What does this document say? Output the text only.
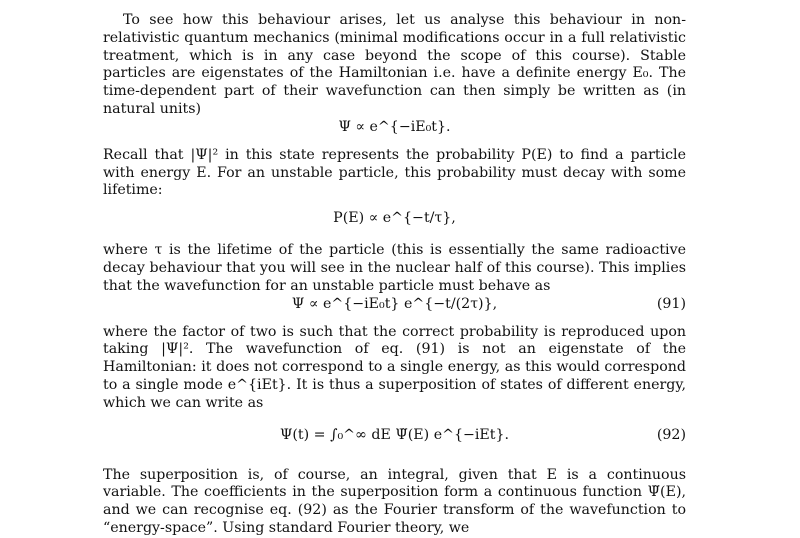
To see how this behaviour arises, let us analyse this behaviour in non-relativistic quantum mechanics (minimal modifications occur in a full relativistic treatment, which is in any case beyond the scope of this course). Stable particles are eigenstates of the Hamiltonian i.e. have a definite energy E₀. The time-dependent part of their wavefunction can then simply be written as (in natural units)

Ψ ∝ e^{−iE₀t}.

Recall that |Ψ|² in this state represents the probability P(E) to find a particle with energy E. For an unstable particle, this probability must decay with some lifetime:

P(E) ∝ e^{−t/τ},

where τ is the lifetime of the particle (this is essentially the same radioactive decay behaviour that you will see in the nuclear half of this course). This implies that the wavefunction for an unstable particle must behave as

Ψ ∝ e^{−iE₀t} e^{−t/(2τ)},	(91)

where the factor of two is such that the correct probability is reproduced upon taking |Ψ|². The wavefunction of eq. (91) is not an eigenstate of the Hamiltonian: it does not correspond to a single energy, as this would correspond to a single mode e^{iEt}. It is thus a superposition of states of different energy, which we can write as

Ψ(t) = ∫₀^∞ dE Ψ̃(E) e^{−iEt}.	(92)

The superposition is, of course, an integral, given that E is a continuous variable. The coefficients in the superposition form a continuous function Ψ̃(E), and we can recognise eq. (92) as the Fourier transform of the wavefunction to “energy-space”. Using standard Fourier theory, we
